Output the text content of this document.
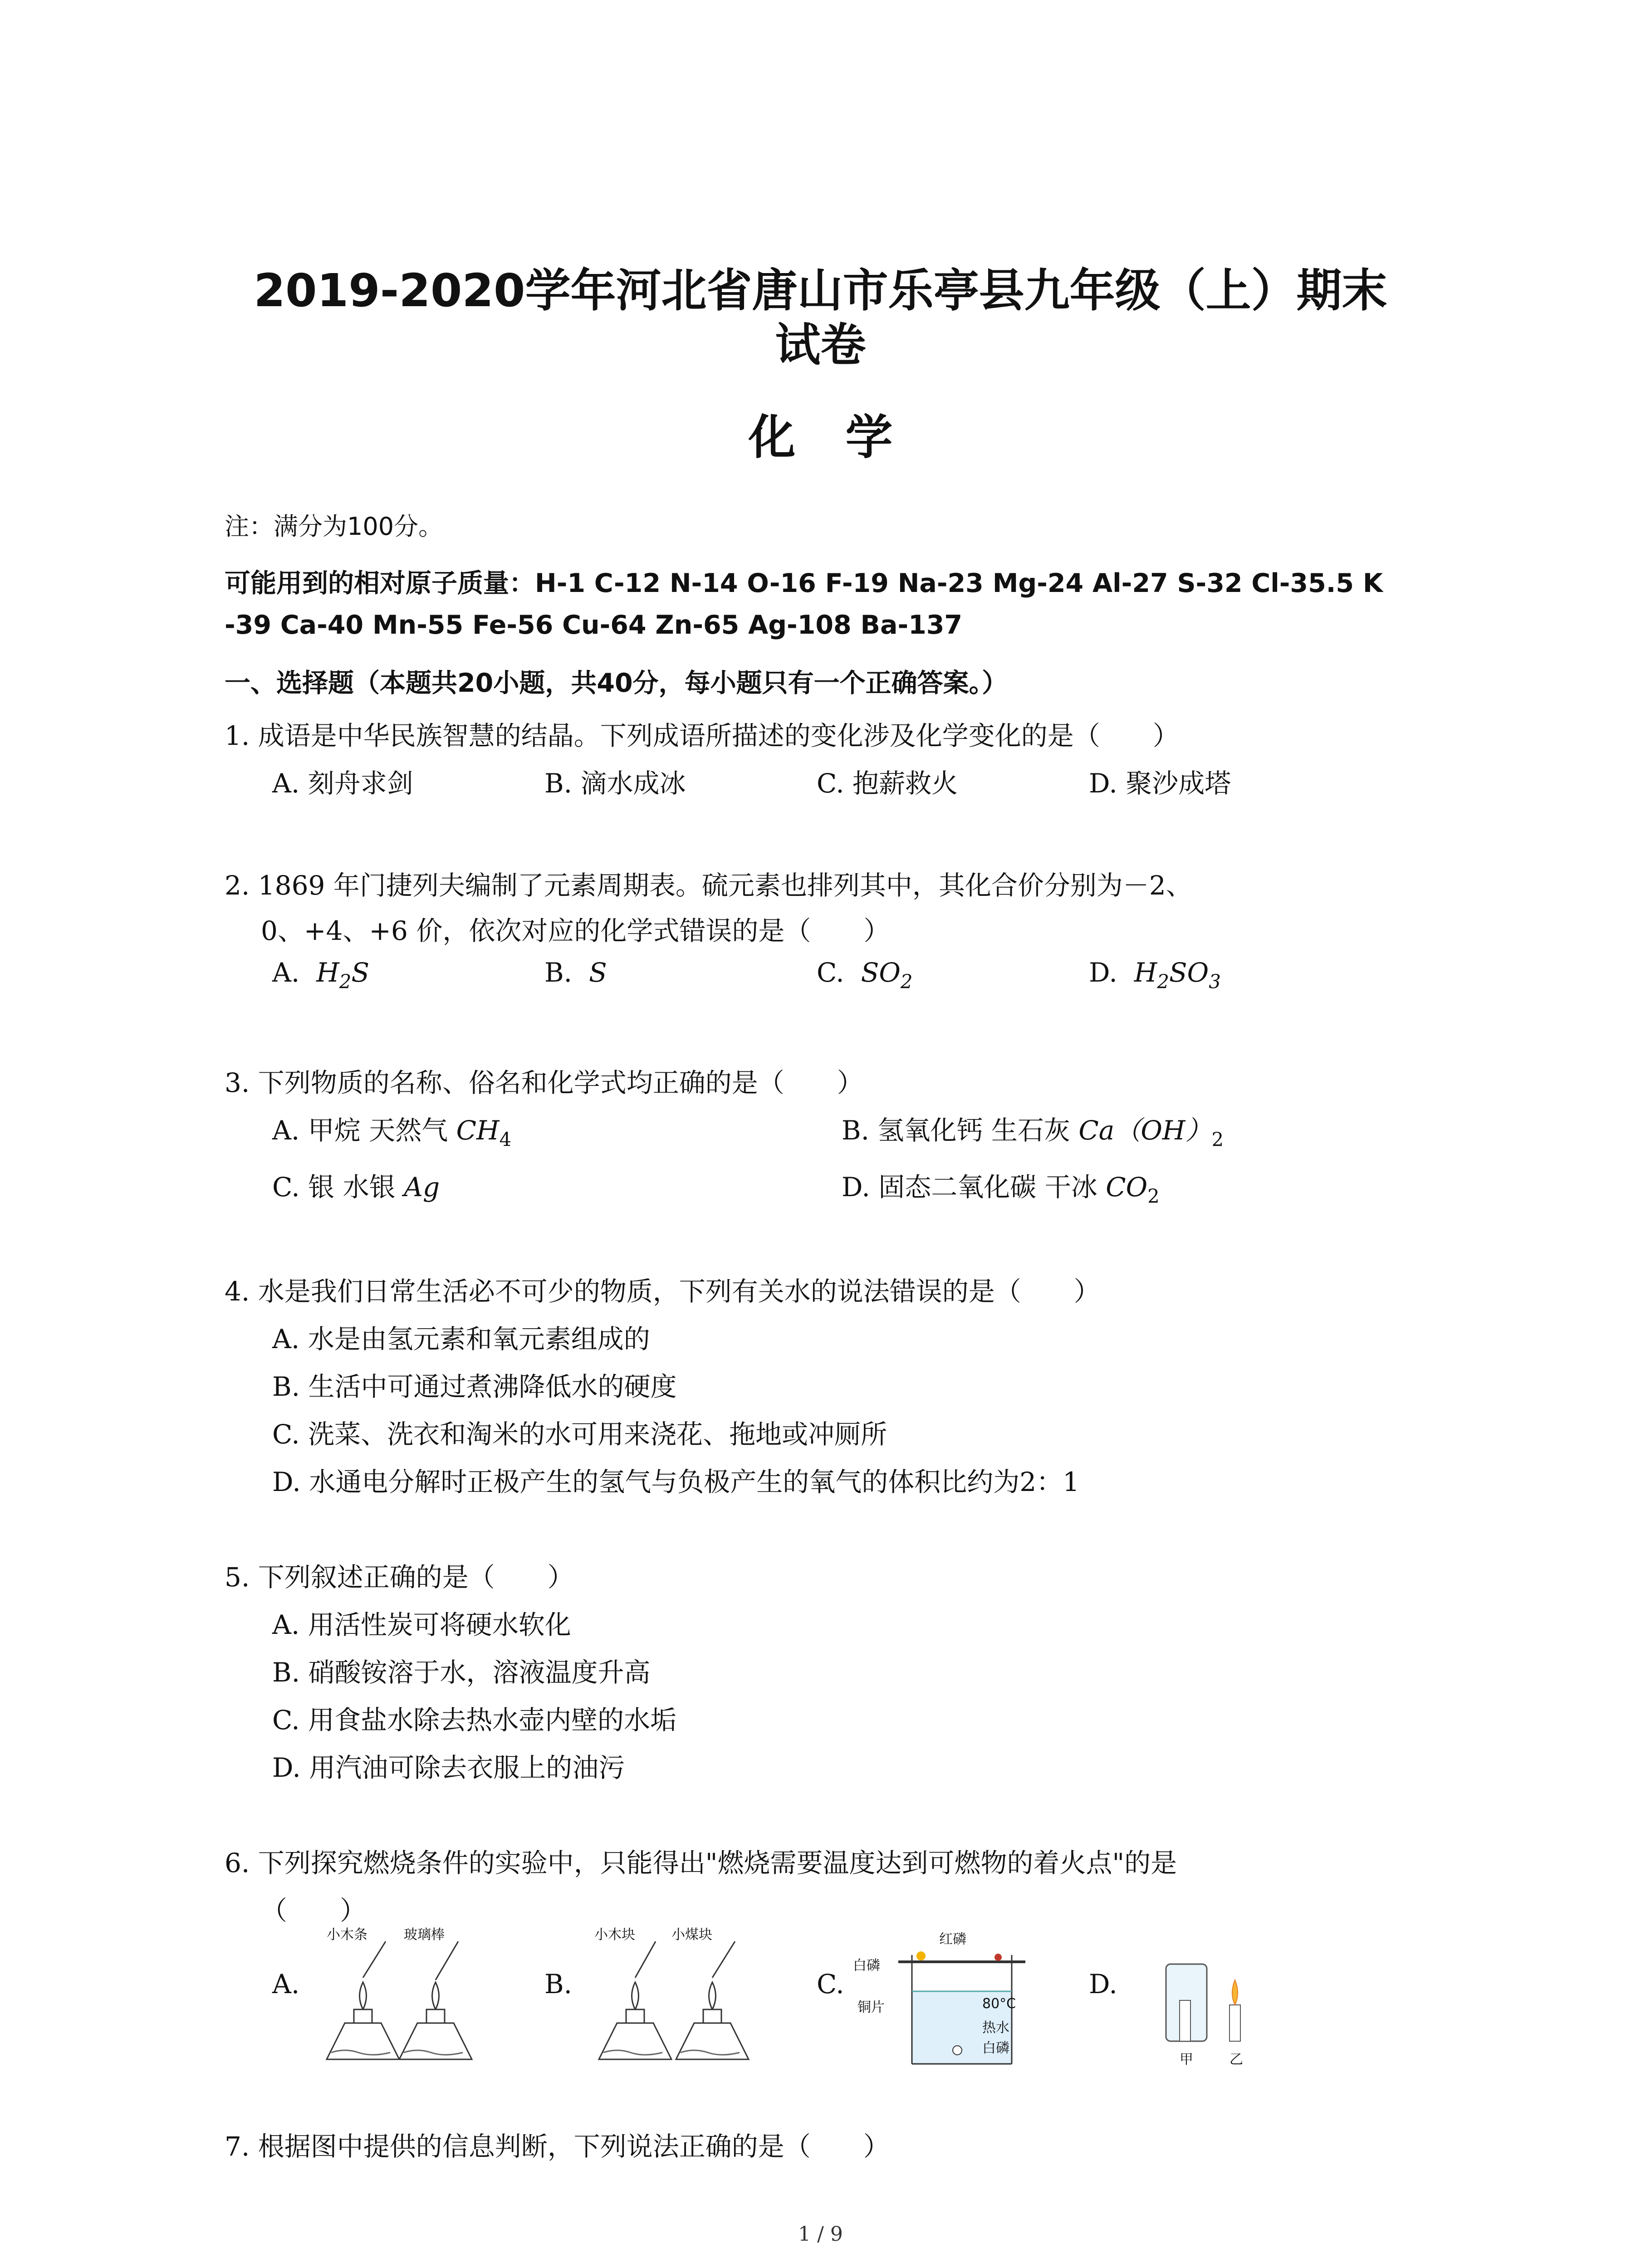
2019-2020学年河北省唐山市乐亭县九年级（上）期末
试卷
化学
注：满分为100分。
可能用到的相对原子质量：H-1 C-12 N-14 O-16 F-19 Na-23 Mg-24 Al-27 S-32 Cl-35.5 K
-39 Ca-40 Mn-55 Fe-56 Cu-64 Zn-65 Ag-108 Ba-137
一、选择题（本题共20小题，共40分，每小题只有一个正确答案。）
1. 成语是中华民族智慧的结晶。下列成语所描述的变化涉及化学变化的是（　　）
A. 刻舟求剑	B. 滴水成冰	C. 抱薪救火	D. 聚沙成塔
2. 1869 年门捷列夫编制了元素周期表。硫元素也排列其中，其化合价分别为－2、
0、+4、+6 价，依次对应的化学式错误的是（　　）
A. $H_2S$	B. S	C. $SO_2$	D. $H_2SO_3$
3. 下列物质的名称、俗名和化学式均正确的是（　　）
A. 甲烷 天然气 $CH_4$	B. 氢氧化钙 生石灰 $Ca(OH)_2$
C. 银 水银 Ag	D. 固态二氧化碳 干冰 $CO_2$
4. 水是我们日常生活必不可少的物质，下列有关水的说法错误的是（　　）
A. 水是由氢元素和氧元素组成的
B. 生活中可通过煮沸降低水的硬度
C. 洗菜、洗衣和淘米的水可用来浇花、拖地或冲厕所
D. 水通电分解时正极产生的氢气与负极产生的氧气的体积比约为2：1
5. 下列叙述正确的是（　　）
A. 用活性炭可将硬水软化
B. 硝酸铵溶于水，溶液温度升高
C. 用食盐水除去热水壶内壁的水垢
D. 用汽油可除去衣服上的油污
6. 下列探究燃烧条件的实验中，只能得出"燃烧需要温度达到可燃物的着火点"的是
（　　）
A.	B.	C.	D.
小木条	玻璃棒	小木块	小煤块	红磷
白磷
铜片	80°C
热水
白磷
甲	乙
7. 根据图中提供的信息判断，下列说法正确的是（　　）
1 / 9
